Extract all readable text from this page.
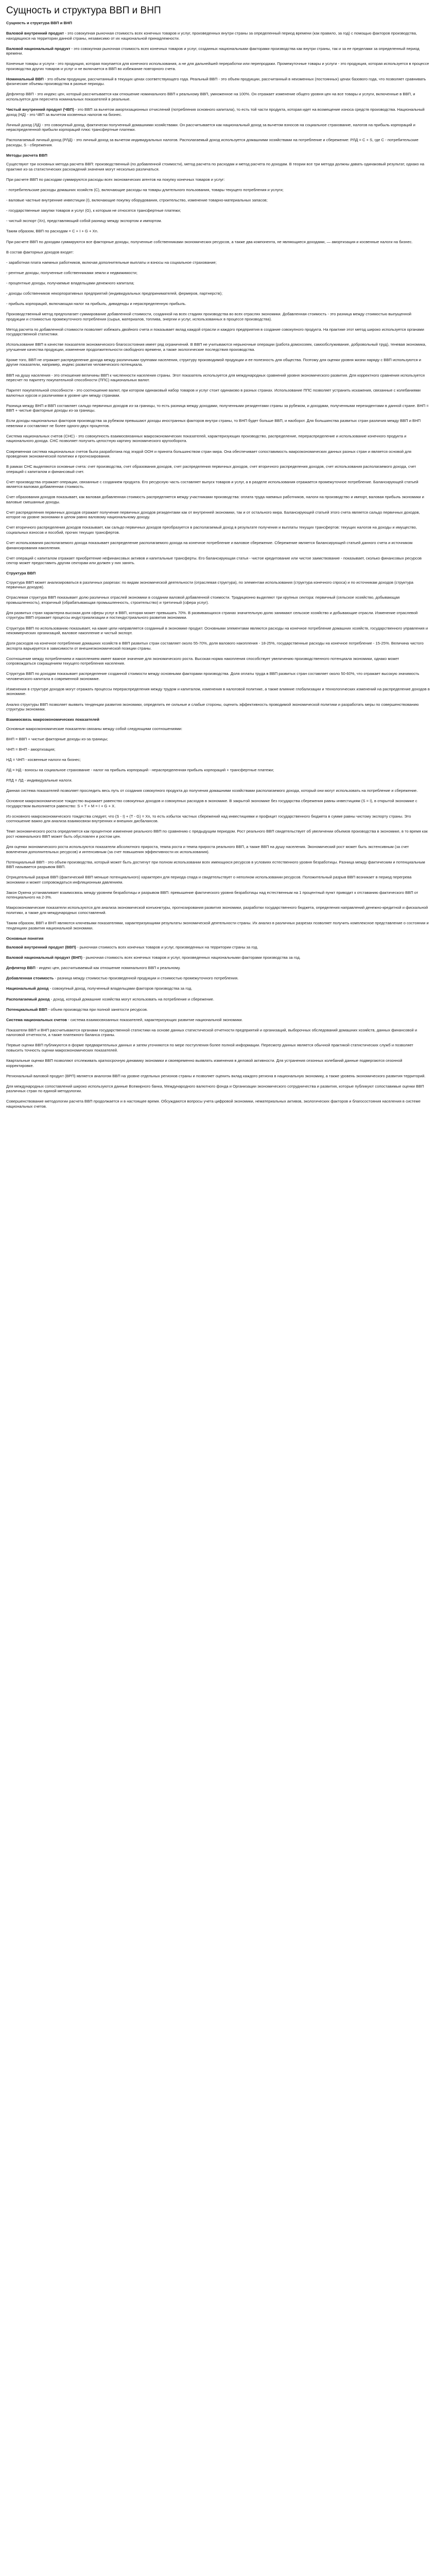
Сущность и структура ВВП и ВНП

Сущность и структура ВВП и ВНП

Валовой внутренний продукт - это совокупная рыночная стоимость всех конечных товаров и услуг, произведенных внутри страны за определенный период времени (как правило, за год) с помощью факторов производства, находящихся на территории данной страны, независимо от их национальной принадлежности.

Валовой национальный продукт - это совокупная рыночная стоимость всех конечных товаров и услуг, созданных национальными факторами производства как внутри страны, так и за ее пределами за определенный период времени.

Конечные товары и услуги - это продукция, которая покупается для конечного использования, а не для дальнейшей переработки или перепродажи. Промежуточные товары и услуги - это продукция, которая используется в процессе производства других товаров и услуг и не включается в ВВП во избежание повторного счета.

Номинальный ВВП - это объем продукции, рассчитанный в текущих ценах соответствующего года. Реальный ВВП - это объем продукции, рассчитанный в неизменных (постоянных) ценах базового года, что позволяет сравнивать физические объемы производства в разные периоды.

Дефлятор ВВП - это индекс цен, который рассчитывается как отношение номинального ВВП к реальному ВВП, умноженное на 100%. Он отражает изменение общего уровня цен на все товары и услуги, включенные в ВВП, и используется для пересчета номинальных показателей в реальные.

Чистый внутренний продукт (ЧВП) - это ВВП за вычетом амортизационных отчислений (потребления основного капитала), то есть той части продукта, которая идет на возмещение износа средств производства. Национальный доход (НД) - это ЧВП за вычетом косвенных налогов на бизнес.

Личный доход (ЛД) - это совокупный доход, фактически полученный домашними хозяйствами. Он рассчитывается как национальный доход за вычетом взносов на социальное страхование, налогов на прибыль корпораций и нераспределенной прибыли корпораций плюс трансфертные платежи.

Располагаемый личный доход (РЛД) - это личный доход за вычетом индивидуальных налогов. Располагаемый доход используется домашними хозяйствами на потребление и сбережение: РЛД = C + S, где C - потребительские расходы, S - сбережения.

Методы расчета ВВП

Существуют три основных метода расчета ВВП: производственный (по добавленной стоимости), метод расчета по расходам и метод расчета по доходам. В теории все три метода должны давать одинаковый результат, однако на практике из-за статистических расхождений значения могут несколько различаться.

При расчете ВВП по расходам суммируются расходы всех экономических агентов на покупку конечных товаров и услуг:

- потребительские расходы домашних хозяйств (С), включающие расходы на товары длительного пользования, товары текущего потребления и услуги;

- валовые частные внутренние инвестиции (I), включающие покупку оборудования, строительство, изменение товарно-материальных запасов;

- государственные закупки товаров и услуг (G), к которым не относятся трансфертные платежи;

- чистый экспорт (Xn), представляющий собой разницу между экспортом и импортом.

Таким образом, ВВП по расходам = C + I + G + Xn.

При расчете ВВП по доходам суммируются все факторные доходы, полученные собственниками экономических ресурсов, а также два компонента, не являющиеся доходами, — амортизация и косвенные налоги на бизнес.

В состав факторных доходов входят:

- заработная плата наемных работников, включая дополнительные выплаты и взносы на социальное страхование;

- рентные доходы, полученные собственниками земли и недвижимости;

- процентные доходы, получаемые владельцами денежного капитала;

- доходы собственников некорпоративных предприятий (индивидуальных предпринимателей, фермеров, партнерств);

- прибыль корпораций, включающая налог на прибыль, дивиденды и нераспределенную прибыль.

Производственный метод предполагает суммирование добавленной стоимости, созданной на всех стадиях производства во всех отраслях экономики. Добавленная стоимость - это разница между стоимостью выпущенной продукции и стоимостью промежуточного потребления (сырья, материалов, топлива, энергии и услуг, использованных в процессе производства).

Метод расчета по добавленной стоимости позволяет избежать двойного счета и показывает вклад каждой отрасли и каждого предприятия в создание совокупного продукта. На практике этот метод широко используется органами государственной статистики.

Использование ВВП в качестве показателя экономического благосостояния имеет ряд ограничений. В ВВП не учитываются нерыночные операции (работа домохозяек, самообслуживание, добровольный труд), теневая экономика, улучшение качества продукции, изменение продолжительности свободного времени, а также экологические последствия производства.

Кроме того, ВВП не отражает распределение дохода между различными группами населения, структуру производимой продукции и ее полезность для общества. Поэтому для оценки уровня жизни наряду с ВВП используются и другие показатели, например, индекс развития человеческого потенциала.

ВВП на душу населения - это отношение величины ВВП к численности населения страны. Этот показатель используется для международных сравнений уровня экономического развития. Для корректного сравнения используется пересчет по паритету покупательной способности (ППС) национальных валют.

Паритет покупательной способности - это соотношение валют, при котором одинаковый набор товаров и услуг стоит одинаково в разных странах. Использование ППС позволяет устранить искажения, связанные с колебаниями валютных курсов и различиями в уровне цен между странами.

Разница между ВНП и ВВП составляет сальдо первичных доходов из-за границы, то есть разница между доходами, полученными резидентами страны за рубежом, и доходами, полученными нерезидентами в данной стране. ВНП = ВВП + чистые факторные доходы из-за границы.

Если доходы национальных факторов производства за рубежом превышают доходы иностранных факторов внутри страны, то ВНП будет больше ВВП, и наоборот. Для большинства развитых стран различия между ВВП и ВНП невелики и составляют не более одного-двух процентов.

Система национальных счетов (СНС) - это совокупность взаимосвязанных макроэкономических показателей, характеризующих производство, распределение, перераспределение и использование конечного продукта и национального дохода. СНС позволяет получить целостную картину экономического кругооборота.

Современная система национальных счетов была разработана под эгидой ООН и принята большинством стран мира. Она обеспечивает сопоставимость макроэкономических данных разных стран и является основой для проведения экономической политики и прогнозирования.

В рамках СНС выделяются основные счета: счет производства, счет образования доходов, счет распределения первичных доходов, счет вторичного распределения доходов, счет использования располагаемого дохода, счет операций с капиталом и финансовый счет.

Счет производства отражает операции, связанные с созданием продукта. Его ресурсную часть составляет выпуск товаров и услуг, а в разделе использования отражается промежуточное потребление. Балансирующей статьей является валовая добавленная стоимость.

Счет образования доходов показывает, как валовая добавленная стоимость распределяется между участниками производства: оплата труда наемных работников, налоги на производство и импорт, валовая прибыль экономики и валовые смешанные доходы.

Счет распределения первичных доходов отражает получение первичных доходов резидентами как от внутренней экономики, так и от остального мира. Балансирующей статьей этого счета является сальдо первичных доходов, которое на уровне экономики в целом равно валовому национальному доходу.

Счет вторичного распределения доходов показывает, как сальдо первичных доходов преобразуется в располагаемый доход в результате получения и выплаты текущих трансфертов: текущих налогов на доходы и имущество, социальных взносов и пособий, прочих текущих трансфертов.

Счет использования располагаемого дохода показывает распределение располагаемого дохода на конечное потребление и валовое сбережение. Сбережение является балансирующей статьей данного счета и источником финансирования накопления.

Счет операций с капиталом отражает приобретение нефинансовых активов и капитальные трансферты. Его балансирующая статья - чистое кредитование или чистое заимствование - показывает, сколько финансовых ресурсов сектор может предоставить другим секторам или должен у них занять.

Структура ВВП

Структура ВВП может анализироваться в различных разрезах: по видам экономической деятельности (отраслевая структура), по элементам использования (структура конечного спроса) и по источникам доходов (структура первичных доходов).

Отраслевая структура ВВП показывает долю различных отраслей экономики в создании валовой добавленной стоимости. Традиционно выделяют три крупных сектора: первичный (сельское хозяйство, добывающая промышленность), вторичный (обрабатывающая промышленность, строительство) и третичный (сфера услуг).

Для развитых стран характерна высокая доля сферы услуг в ВВП, которая может превышать 70%. В развивающихся странах значительную долю занимают сельское хозяйство и добывающие отрасли. Изменение отраслевой структуры ВВП отражает процессы индустриализации и постиндустриального развития экономики.

Структура ВВП по использованию показывает, на какие цели направляется созданный в экономике продукт. Основными элементами являются расходы на конечное потребление домашних хозяйств, государственного управления и некоммерческих организаций, валовое накопление и чистый экспорт.

Доля расходов на конечное потребление домашних хозяйств в ВВП развитых стран составляет около 55-70%, доля валового накопления - 18-25%, государственные расходы на конечное потребление - 15-25%. Величина чистого экспорта варьируется в зависимости от внешнеэкономической позиции страны.

Соотношение между потреблением и накоплением имеет важное значение для экономического роста. Высокая норма накопления способствует увеличению производственного потенциала экономики, однако может сопровождаться сокращением текущего потребления населения.

Структура ВВП по доходам показывает распределение созданной стоимости между основными факторами производства. Доля оплаты труда в ВВП развитых стран составляет около 50-60%, что отражает высокую значимость человеческого капитала в современной экономике.

Изменения в структуре доходов могут отражать процессы перераспределения между трудом и капиталом, изменения в налоговой политике, а также влияние глобализации и технологических изменений на распределение доходов в экономике.

Анализ структуры ВВП позволяет выявить тенденции развития экономики, определить ее сильные и слабые стороны, оценить эффективность проводимой экономической политики и разработать меры по совершенствованию структуры экономики.

Взаимосвязь макроэкономических показателей

Основные макроэкономические показатели связаны между собой следующими соотношениями:

ВНП = ВВП + чистые факторные доходы из-за границы;

ЧНП = ВНП - амортизация;

НД = ЧНП - косвенные налоги на бизнес;

ЛД = НД - взносы на социальное страхование - налог на прибыль корпораций - нераспределенная прибыль корпораций + трансфертные платежи;

РЛД = ЛД - индивидуальные налоги.

Данная система показателей позволяет проследить весь путь от создания совокупного продукта до получения домашними хозяйствами располагаемого дохода, который они могут использовать на потребление и сбережение.

Основное макроэкономическое тождество выражает равенство совокупных доходов и совокупных расходов в экономике. В закрытой экономике без государства сбережения равны инвестициям (S = I), в открытой экономике с государством выполняется равенство: S + T + M = I + G + X.

Из основного макроэкономического тождества следует, что (S - I) + (T - G) = Xn, то есть избыток частных сбережений над инвестициями и профицит государственного бюджета в сумме равны чистому экспорту страны. Это соотношение важно для анализа взаимосвязи внутренних и внешних дисбалансов.

Темп экономического роста определяется как процентное изменение реального ВВП по сравнению с предыдущим периодом. Рост реального ВВП свидетельствует об увеличении объемов производства в экономике, в то время как рост номинального ВВП может быть обусловлен и ростом цен.

Для оценки экономического роста используются показатели абсолютного прироста, темпа роста и темпа прироста реального ВВП, а также ВВП на душу населения. Экономический рост может быть экстенсивным (за счет вовлечения дополнительных ресурсов) и интенсивным (за счет повышения эффективности их использования).

Потенциальный ВВП - это объем производства, который может быть достигнут при полном использовании всех имеющихся ресурсов в условиях естественного уровня безработицы. Разница между фактическим и потенциальным ВВП называется разрывом ВВП.

Отрицательный разрыв ВВП (фактический ВВП меньше потенциального) характерен для периода спада и свидетельствует о неполном использовании ресурсов. Положительный разрыв ВВП возникает в период перегрева экономики и может сопровождаться инфляционным давлением.

Закон Оукена устанавливает взаимосвязь между уровнем безработицы и разрывом ВВП: превышение фактического уровня безработицы над естественным на 1 процентный пункт приводит к отставанию фактического ВВП от потенциального на 2-3%.

Макроэкономические показатели используются для анализа экономической конъюнктуры, прогнозирования развития экономики, разработки государственного бюджета, определения направлений денежно-кредитной и фискальной политики, а также для международных сопоставлений.

Таким образом, ВВП и ВНП являются ключевыми показателями, характеризующими результаты экономической деятельности страны. Их анализ в различных разрезах позволяет получить комплексное представление о состоянии и тенденциях развития национальной экономики.

Основные понятия

Валовой внутренний продукт (ВВП) - рыночная стоимость всех конечных товаров и услуг, произведенных на территории страны за год.

Валовой национальный продукт (ВНП) - рыночная стоимость всех конечных товаров и услуг, произведенных национальными факторами производства за год.

Дефлятор ВВП - индекс цен, рассчитываемый как отношение номинального ВВП к реальному.

Добавленная стоимость - разница между стоимостью произведенной продукции и стоимостью промежуточного потребления.

Национальный доход - совокупный доход, полученный владельцами факторов производства за год.

Располагаемый доход - доход, который домашние хозяйства могут использовать на потребление и сбережение.

Потенциальный ВВП - объем производства при полной занятости ресурсов.

Система национальных счетов - система взаимосвязанных показателей, характеризующих развитие национальной экономики.

Показатели ВВП и ВНП рассчитываются органами государственной статистики на основе данных статистической отчетности предприятий и организаций, выборочных обследований домашних хозяйств, данных финансовой и налоговой отчетности, а также платежного баланса страны.

Первые оценки ВВП публикуются в форме предварительных данных и затем уточняются по мере поступления более полной информации. Пересмотр данных является обычной практикой статистических служб и позволяет повысить точность оценки макроэкономических показателей.

Квартальные оценки ВВП позволяют отслеживать краткосрочную динамику экономики и своевременно выявлять изменения в деловой активности. Для устранения сезонных колебаний данные подвергаются сезонной корректировке.

Региональный валовой продукт (ВРП) является аналогом ВВП на уровне отдельных регионов страны и позволяет оценить вклад каждого региона в национальную экономику, а также уровень экономического развития территорий.

Для международных сопоставлений широко используются данные Всемирного банка, Международного валютного фонда и Организации экономического сотрудничества и развития, которые публикуют сопоставимые оценки ВВП различных стран по единой методологии.

Совершенствование методологии расчета ВВП продолжается и в настоящее время. Обсуждаются вопросы учета цифровой экономики, нематериальных активов, экологических факторов и благосостояния населения в системе национальных счетов.
